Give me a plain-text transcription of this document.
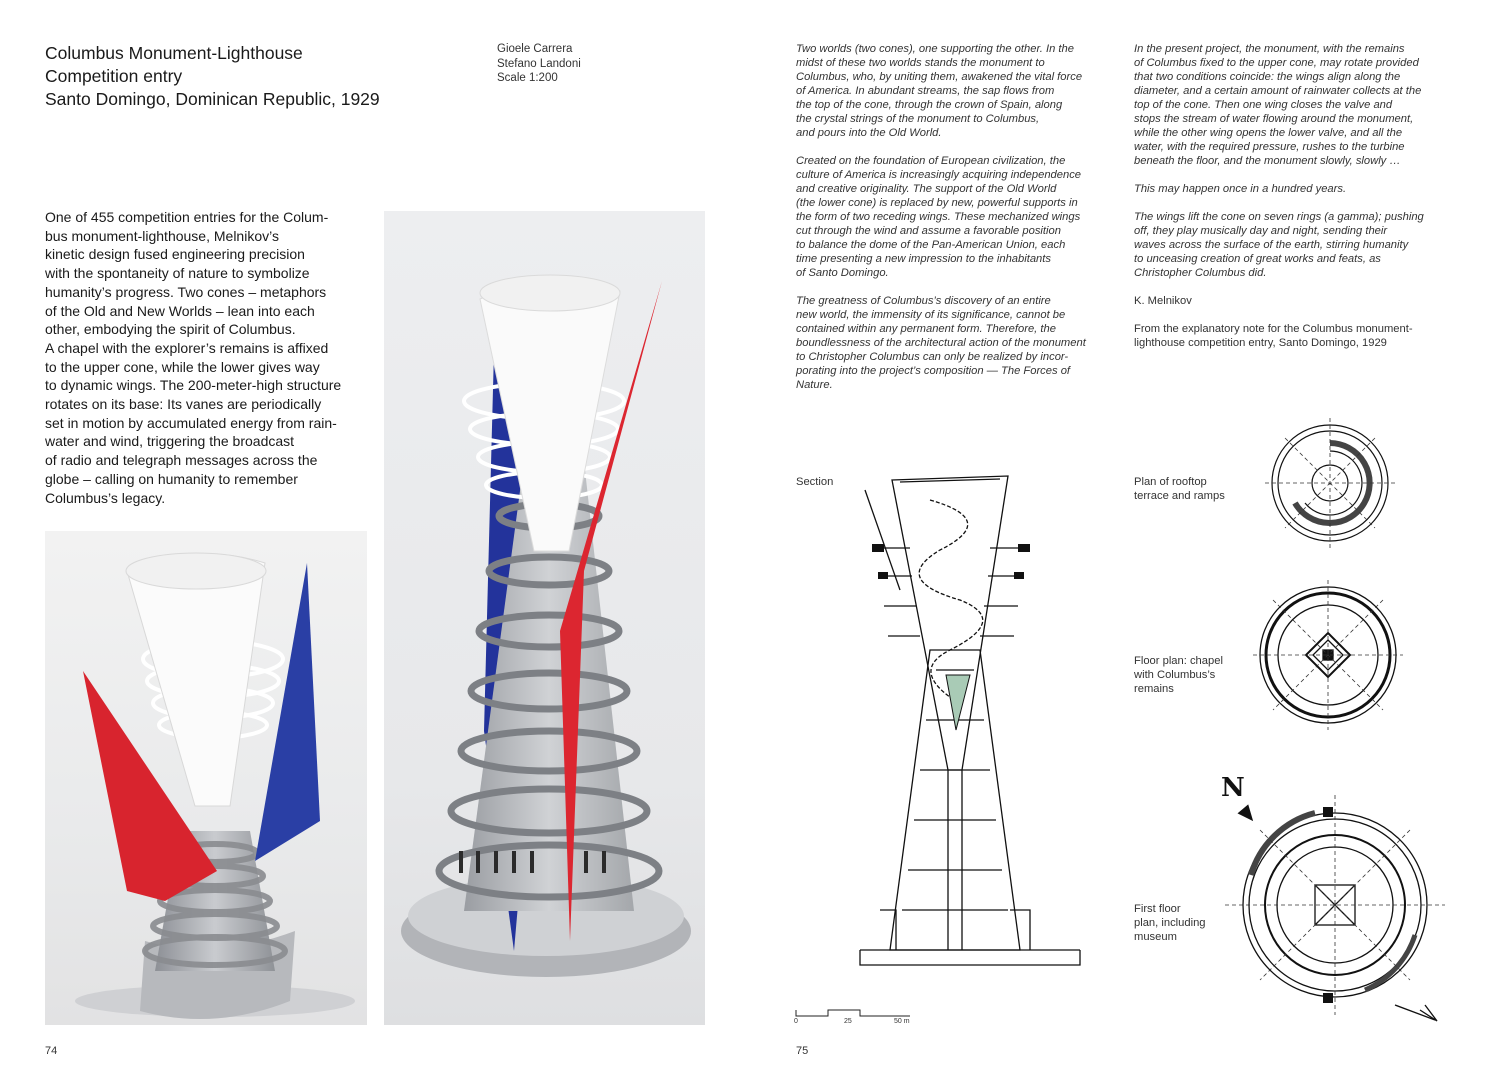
Columbus Monument-Lighthouse
Competition entry
Santo Domingo, Dominican Republic, 1929
Gioele Carrera
Stefano Landoni
Scale 1:200
One of 455 competition entries for the Colum-
bus monument-lighthouse, Melnikov’s
kinetic design fused engineering precision
with the spontaneity of nature to symbolize
humanity’s progress. Two cones – metaphors
of the Old and New Worlds – lean into each
other, embodying the spirit of Columbus.
A chapel with the explorer’s remains is affixed
to the upper cone, while the lower gives way
to dynamic wings. The 200-meter-high structure
rotates on its base: Its vanes are periodically
set in motion by accumulated energy from rain-
water and wind, triggering the broadcast
of radio and telegraph messages across the
globe – calling on humanity to remember
Columbus’s legacy.
74
Two worlds (two cones), one supporting the other. In the
midst of these two worlds stands the monument to
Columbus, who, by uniting them, awakened the vital force
of America. In abundant streams, the sap flows from
the top of the cone, through the crown of Spain, along
the crystal strings of the monument to Columbus,
and pours into the Old World.
Created on the foundation of European civilization, the
culture of America is increasingly acquiring independence
and creative originality. The support of the Old World
(the lower cone) is replaced by new, powerful supports in
the form of two receding wings. These mechanized wings
cut through the wind and assume a favorable position
to balance the dome of the Pan-American Union, each
time presenting a new impression to the inhabitants
of Santo Domingo.
The greatness of Columbus’s discovery of an entire
new world, the immensity of its significance, cannot be
contained within any permanent form. Therefore, the
boundlessness of the architectural action of the monument
to Christopher Columbus can only be realized by incor-
porating into the project’s composition — The Forces of
Nature.
In the present project, the monument, with the remains
of Columbus fixed to the upper cone, may rotate provided
that two conditions coincide: the wings align along the
diameter, and a certain amount of rainwater collects at the
top of the cone. Then one wing closes the valve and
stops the stream of water flowing around the monument,
while the other wing opens the lower valve, and all the
water, with the required pressure, rushes to the turbine
beneath the floor, and the monument slowly, slowly …
This may happen once in a hundred years.
The wings lift the cone on seven rings (a gamma); pushing
off, they play musically day and night, sending their
waves across the surface of the earth, stirring humanity
to unceasing creation of great works and feats, as
Christopher Columbus did.
K. Melnikov
From the explanatory note for the Columbus monument-
lighthouse competition entry, Santo Domingo, 1929
Section	Plan of rooftop
terrace and ramps
Floor plan: chapel
with Columbus’s
remains
First floor
plan, including
museum
0	25	50 m
N
75
